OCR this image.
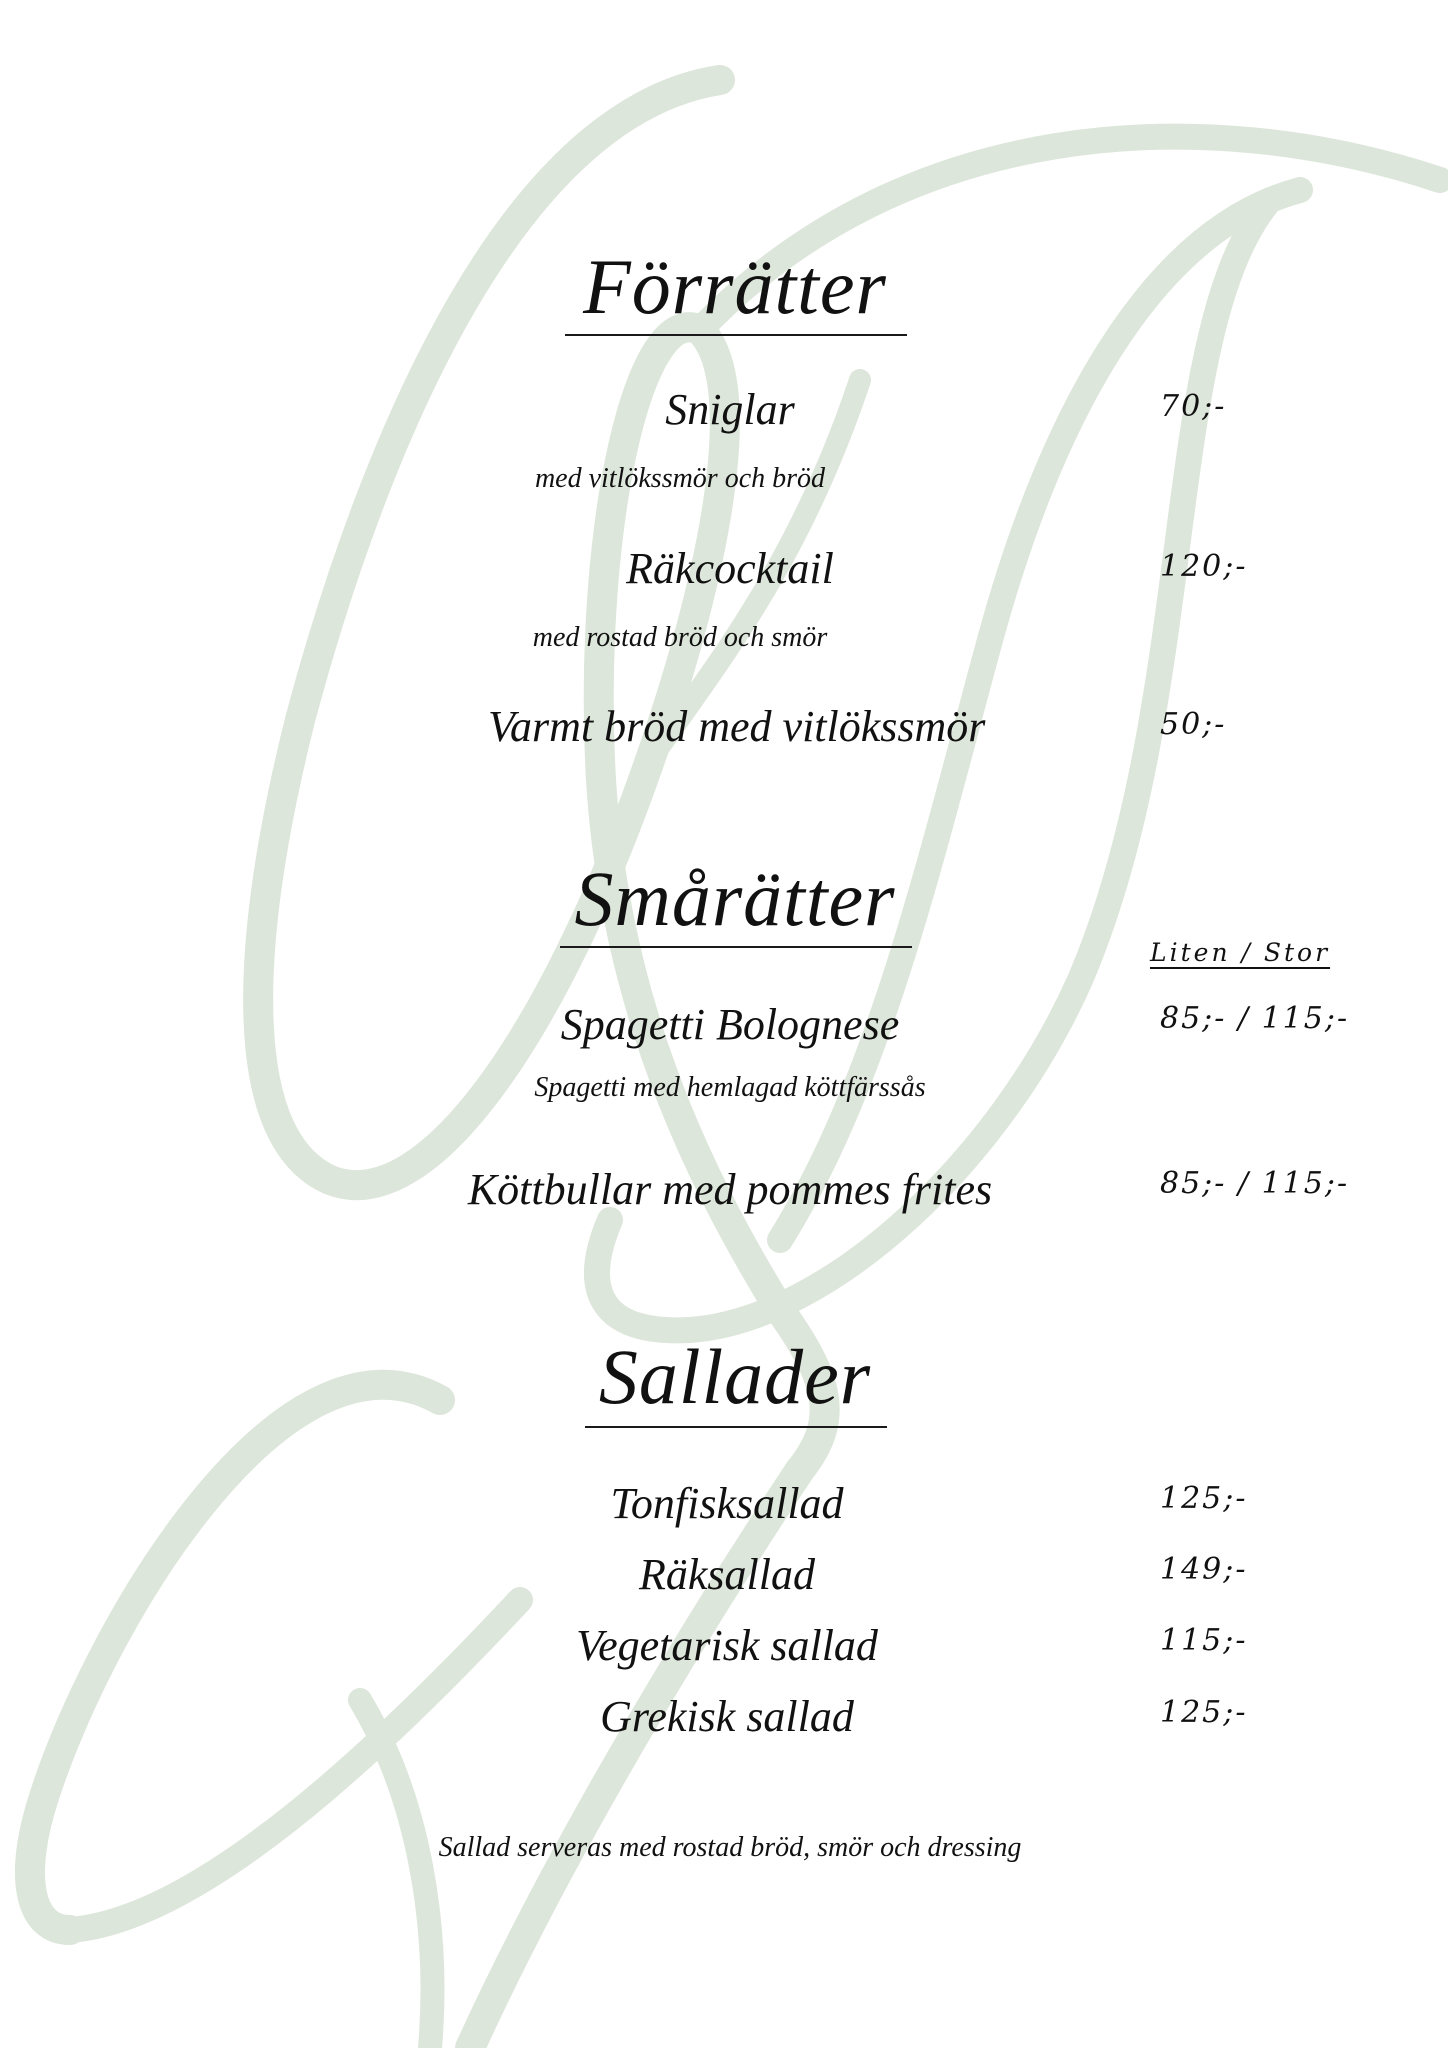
Förrätter
Sniglar	70;-
med vitlökssmör och bröd
Räkcocktail	120;-
med rostad bröd och smör
Varmt bröd med vitlökssmör	50;-
Smårätter
Liten / Stor
Spagetti Bolognese	85;- / 115;-
Spagetti med hemlagad köttfärssås
Köttbullar med pommes frites	85;- / 115;-
Sallader
Tonfisksallad	125;-
Räksallad	149;-
Vegetarisk sallad	115;-
Grekisk sallad	125;-
Sallad serveras med rostad bröd, smör och dressing
